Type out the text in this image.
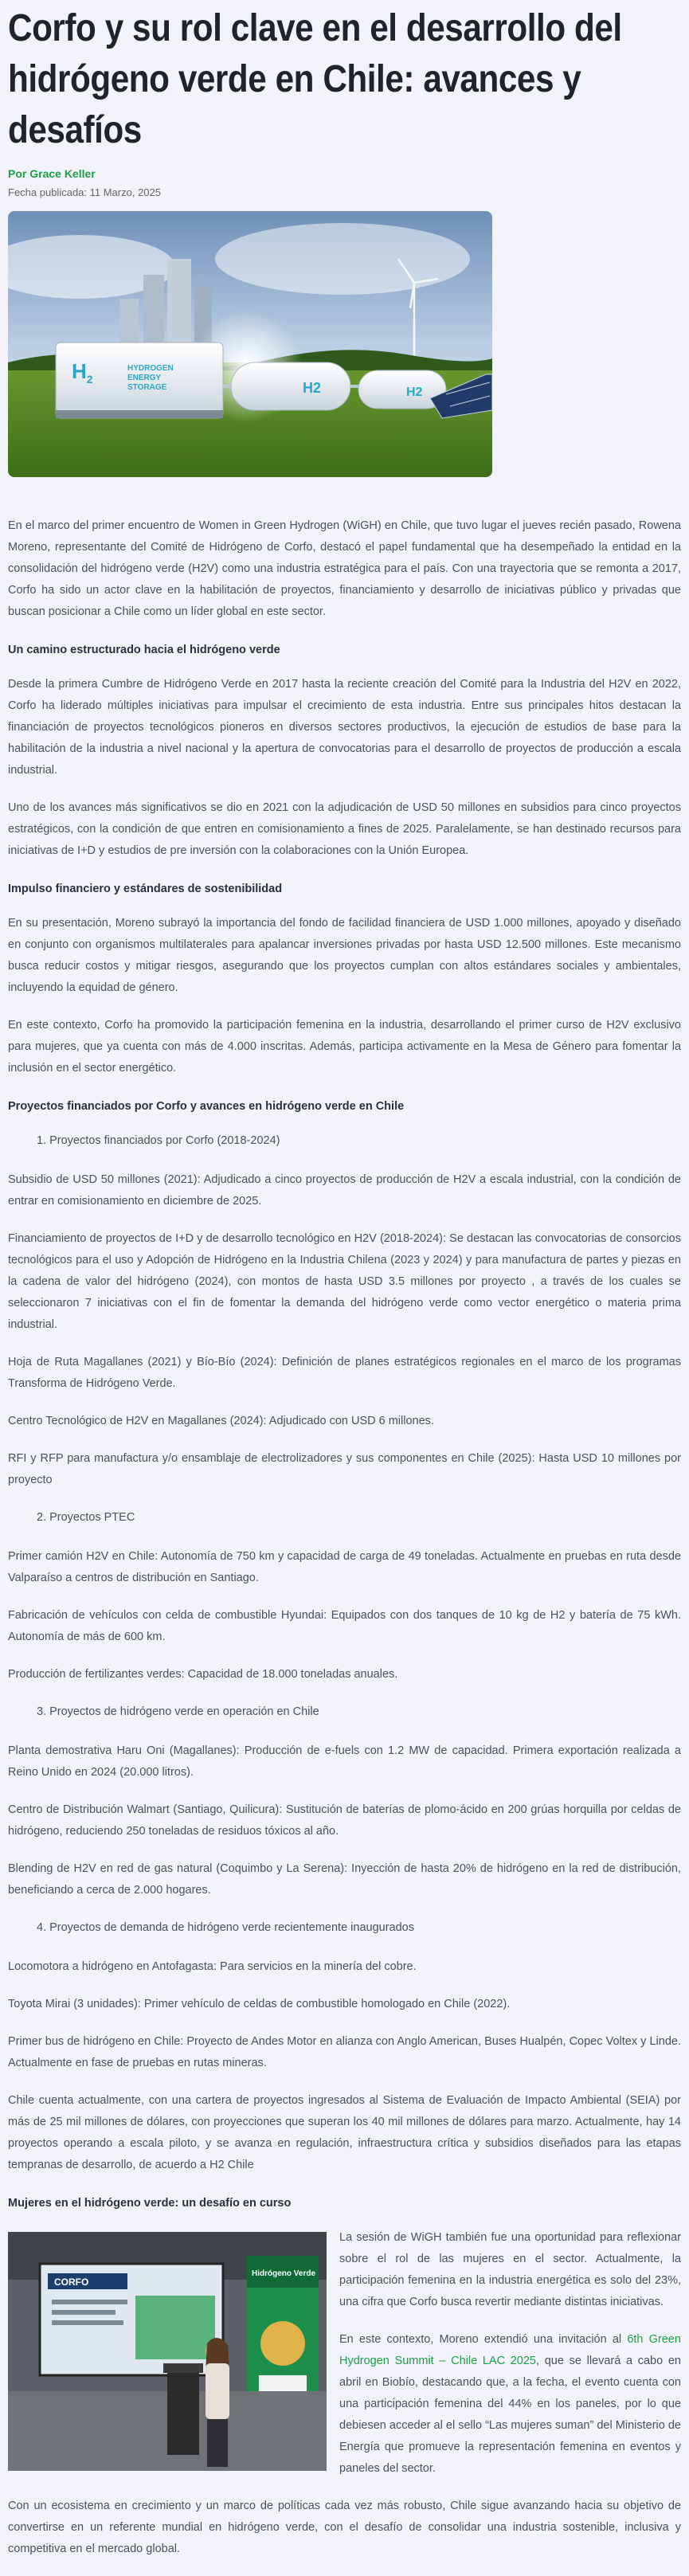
Corfo y su rol clave en el desarrollo del hidrógeno verde en Chile: avances y desafíos
Por Grace Keller
Fecha publicada: 11 Marzo, 2025
$H_2$
HYDROGEN ENERGY STORAGE	H2	H2

En el marco del primer encuentro de Women in Green Hydrogen (WiGH) en Chile, que tuvo lugar el jueves recién pasado, Rowena Moreno, representante del Comité de Hidrógeno de Corfo, destacó el papel fundamental que ha desempeñado la entidad en la consolidación del hidrógeno verde (H2V) como una industria estratégica para el país. Con una trayectoria que se remonta a 2017, Corfo ha sido un actor clave en la habilitación de proyectos, financiamiento y desarrollo de iniciativas público y privadas que buscan posicionar a Chile como un líder global en este sector.

Un camino estructurado hacia el hidrógeno verde

Desde la primera Cumbre de Hidrógeno Verde en 2017 hasta la reciente creación del Comité para la Industria del H2V en 2022, Corfo ha liderado múltiples iniciativas para impulsar el crecimiento de esta industria. Entre sus principales hitos destacan la financiación de proyectos tecnológicos pioneros en diversos sectores productivos, la ejecución de estudios de base para la habilitación de la industria a nivel nacional y la apertura de convocatorias para el desarrollo de proyectos de producción a escala industrial.

Uno de los avances más significativos se dio en 2021 con la adjudicación de USD 50 millones en subsidios para cinco proyectos estratégicos, con la condición de que entren en comisionamiento a fines de 2025. Paralelamente, se han destinado recursos para iniciativas de I+D y estudios de pre inversión con la colaboraciones con la Unión Europea.

Impulso financiero y estándares de sostenibilidad

En su presentación, Moreno subrayó la importancia del fondo de facilidad financiera de USD 1.000 millones, apoyado y diseñado en conjunto con organismos multilaterales para apalancar inversiones privadas por hasta USD 12.500 millones. Este mecanismo busca reducir costos y mitigar riesgos, asegurando que los proyectos cumplan con altos estándares sociales y ambientales, incluyendo la equidad de género.

En este contexto, Corfo ha promovido la participación femenina en la industria, desarrollando el primer curso de H2V exclusivo para mujeres, que ya cuenta con más de 4.000 inscritas. Además, participa activamente en la Mesa de Género para fomentar la inclusión en el sector energético.

Proyectos financiados por Corfo y avances en hidrógeno verde en Chile
1. Proyectos financiados por Corfo (2018-2024)

Subsidio de USD 50 millones (2021): Adjudicado a cinco proyectos de producción de H2V a escala industrial, con la condición de entrar en comisionamiento en diciembre de 2025.

Financiamiento de proyectos de I+D y de desarrollo tecnológico en H2V (2018-2024): Se destacan las convocatorias de consorcios tecnológicos para el uso y Adopción de Hidrógeno en la Industria Chilena (2023 y 2024) y para manufactura de partes y piezas en la cadena de valor del hidrógeno (2024), con montos de hasta USD 3.5 millones por proyecto , a través de los cuales se seleccionaron 7 iniciativas con el fin de fomentar la demanda del hidrógeno verde como vector energético o materia prima industrial.

Hoja de Ruta Magallanes (2021) y Bío-Bío (2024): Definición de planes estratégicos regionales en el marco de los programas Transforma de Hidrógeno Verde.

Centro Tecnológico de H2V en Magallanes (2024): Adjudicado con USD 6 millones.

RFI y RFP para manufactura y/o ensamblaje de electrolizadores y sus componentes en Chile (2025): Hasta USD 10 millones por proyecto

2. Proyectos PTEC

Primer camión H2V en Chile: Autonomía de 750 km y capacidad de carga de 49 toneladas. Actualmente en pruebas en ruta desde Valparaíso a centros de distribución en Santiago.

Fabricación de vehículos con celda de combustible Hyundai: Equipados con dos tanques de 10 kg de H2 y batería de 75 kWh. Autonomía de más de 600 km.

Producción de fertilizantes verdes: Capacidad de 18.000 toneladas anuales.

3. Proyectos de hidrógeno verde en operación en Chile

Planta demostrativa Haru Oni (Magallanes): Producción de e-fuels con 1.2 MW de capacidad. Primera exportación realizada a Reino Unido en 2024 (20.000 litros).

Centro de Distribución Walmart (Santiago, Quilicura): Sustitución de baterías de plomo-ácido en 200 grúas horquilla por celdas de hidrógeno, reduciendo 250 toneladas de residuos tóxicos al año.

Blending de H2V en red de gas natural (Coquimbo y La Serena): Inyección de hasta 20% de hidrógeno en la red de distribución, beneficiando a cerca de 2.000 hogares.

4. Proyectos de demanda de hidrógeno verde recientemente inaugurados

Locomotora a hidrógeno en Antofagasta: Para servicios en la minería del cobre.

Toyota Mirai (3 unidades): Primer vehículo de celdas de combustible homologado en Chile (2022).

Primer bus de hidrógeno en Chile: Proyecto de Andes Motor en alianza con Anglo American, Buses Hualpén, Copec Voltex y Linde. Actualmente en fase de pruebas en rutas mineras.

Chile cuenta actualmente, con una cartera de proyectos ingresados al Sistema de Evaluación de Impacto Ambiental (SEIA) por más de 25 mil millones de dólares, con proyecciones que superan los 40 mil millones de dólares para marzo. Actualmente, hay 14 proyectos operando a escala piloto, y se avanza en regulación, infraestructura crítica y subsidios diseñados para las etapas tempranas de desarrollo, de acuerdo a H2 Chile

Mujeres en el hidrógeno verde: un desafío en curso
CORFO
Hidrógeno Verde

La sesión de WiGH también fue una oportunidad para reflexionar sobre el rol de las mujeres en el sector. Actualmente, la participación femenina en la industria energética es solo del 23%, una cifra que Corfo busca revertir mediante distintas iniciativas.

En este contexto, Moreno extendió una invitación al 6th Green Hydrogen Summit – Chile LAC 2025, que se llevará a cabo en abril en Biobío, destacando que, a la fecha, el evento cuenta con una participación femenina del 44% en los paneles, por lo que debiesen acceder al el sello “Las mujeres suman” del Ministerio de Energía que promueve la representación femenina en eventos y paneles del sector.

Con un ecosistema en crecimiento y un marco de políticas cada vez más robusto, Chile sigue avanzando hacia su objetivo de convertirse en un referente mundial en hidrógeno verde, con el desafío de consolidar una industria sostenible, inclusiva y competitiva en el mercado global.
